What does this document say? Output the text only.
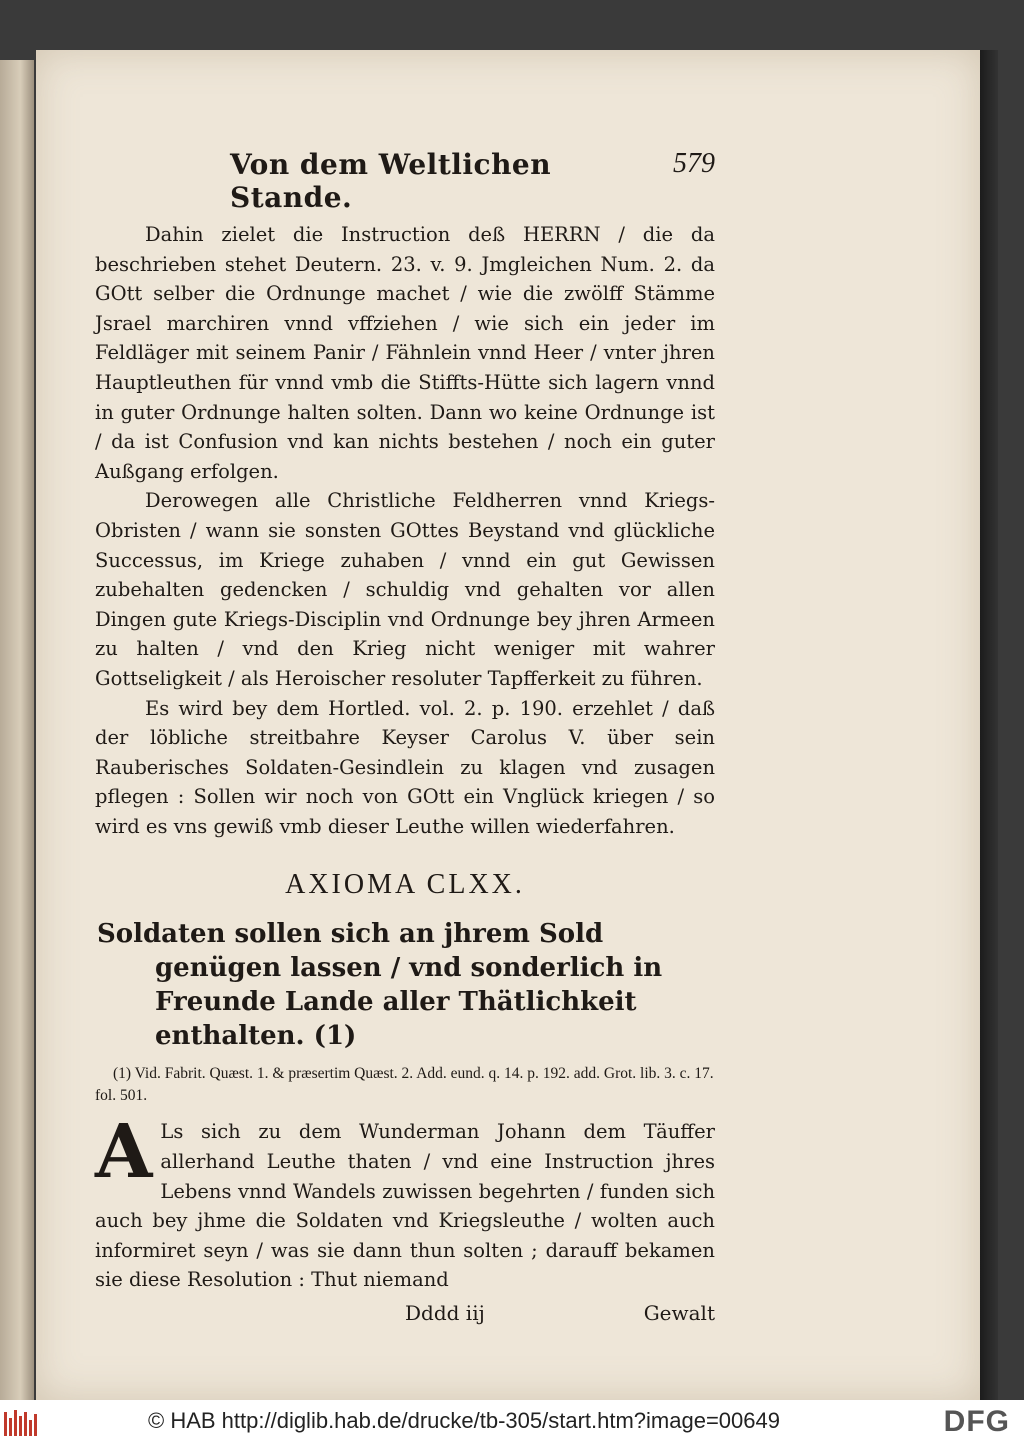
Von dem Weltlichen Stande.
579

Dahin zielet die Instruction deß HERRN / die da beschrieben stehet Deutern. 23. v. 9. Jmgleichen Num. 2. da GOtt selber die Ordnunge machet / wie die zwölff Stämme Jsrael marchiren vnnd vffziehen / wie sich ein jeder im Feldläger mit seinem Panir / Fähnlein vnnd Heer / vnter jhren Hauptleuthen für vnnd vmb die Stiffts-Hütte sich lagern vnnd in guter Ordnunge halten solten. Dann wo keine Ordnunge ist / da ist Confusion vnd kan nichts bestehen / noch ein guter Außgang erfolgen.

Derowegen alle Christliche Feldherren vnnd Kriegs-Obristen / wann sie sonsten GOttes Beystand vnd glückliche Successus, im Kriege zuhaben / vnnd ein gut Gewissen zubehalten gedencken / schuldig vnd gehalten vor allen Dingen gute Kriegs-Disciplin vnd Ordnunge bey jhren Armeen zu halten / vnd den Krieg nicht weniger mit wahrer Gottseligkeit / als Heroischer resoluter Tapfferkeit zu führen.

Es wird bey dem Hortled. vol. 2. p. 190. erzehlet / daß der löbliche streitbahre Keyser Carolus V. über sein Rauberisches Soldaten-Gesindlein zu klagen vnd zusagen pflegen : Sollen wir noch von GOtt ein Vnglück kriegen / so wird es vns gewiß vmb dieser Leuthe willen wiederfahren.

AXIOMA CLXX.

Soldaten sollen sich an jhrem Sold genügen lassen / vnd sonderlich in Freunde Lande aller Thätlichkeit enthalten. (1)

(1) Vid. Fabrit. Quæst. 1. & præsertim Quæst. 2. Add. eund. q. 14. p. 192. add. Grot. lib. 3. c. 17. fol. 501.

A Ls sich zu dem Wunderman Johann dem Täuffer allerhand Leuthe thaten / vnd eine Instruction jhres Lebens vnnd Wandels zuwissen begehrten / funden sich auch bey jhme die Soldaten vnd Kriegsleuthe / wolten auch informiret seyn / was sie dann thun solten ; darauff bekamen sie diese Resolution : Thut niemand

Dddd iij	Gewalt
© HAB http://diglib.hab.de/drucke/tb-305/start.htm?image=00649	DFG
